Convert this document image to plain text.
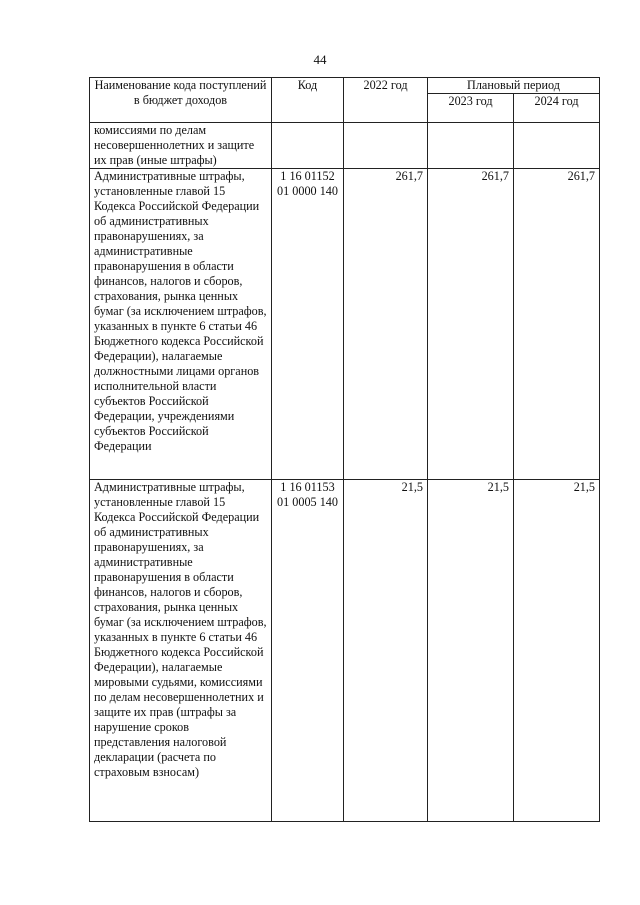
44
Наименование кода поступлений в бюджет доходов	Код	2022 год	Плановый период	
			2023 год	2024 год
комиссиями по делам несовершеннолетних и защите их прав (иные штрафы)				
Административные штрафы, установленные главой 15 Кодекса Российской Федерации об административных правонарушениях, за административные правонарушения в области финансов, налогов и сборов, страхования, рынка ценных бумаг (за исключением штрафов, указанных в пункте 6 статьи 46 Бюджетного кодекса Российской Федерации), налагаемые должностными лицами органов исполнительной власти субъектов Российской Федерации, учреждениями субъектов Российской Федерации	1 16 01152 01 0000 140	261,7	261,7	261,7
Административные штрафы, установленные главой 15 Кодекса Российской Федерации об административных правонарушениях, за административные правонарушения в области финансов, налогов и сборов, страхования, рынка ценных бумаг (за исключением штрафов, указанных в пункте 6 статьи 46 Бюджетного кодекса Российской Федерации), налагаемые мировыми судьями, комиссиями по делам несовершеннолетних и защите их прав (штрафы за нарушение сроков представления налоговой декларации (расчета по страховым взносам)	1 16 01153 01 0005 140	21,5	21,5	21,5
